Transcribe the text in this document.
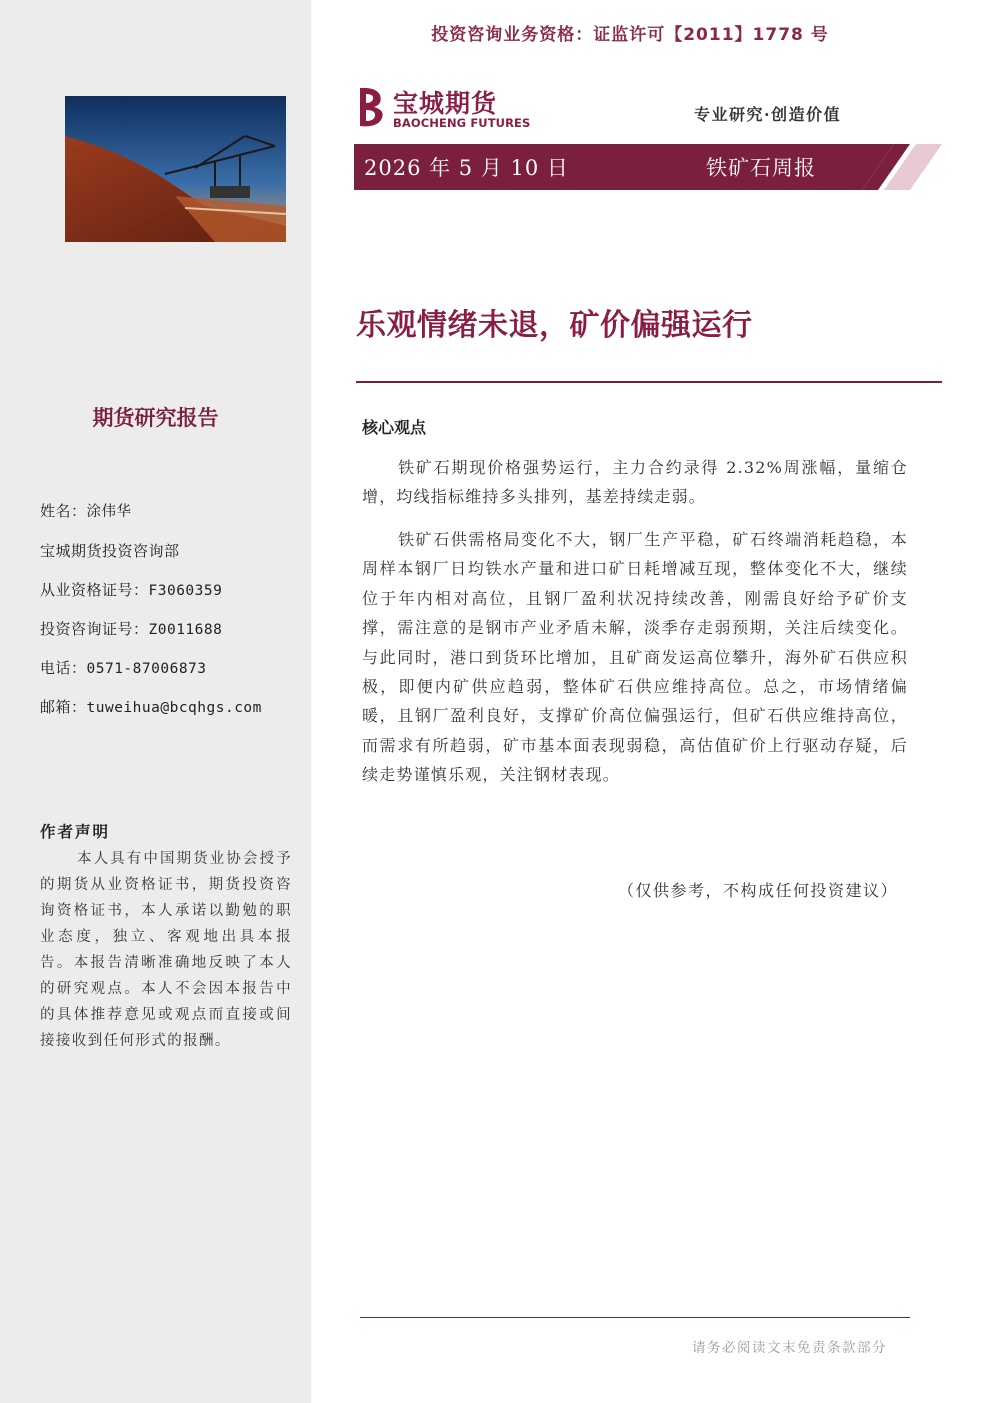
期货研究报告
姓名：涂伟华
宝城期货投资咨询部
从业资格证号：F3060359
投资咨询证号：Z0011688
电话：0571-87006873
邮箱：tuweihua@bcqhgs.com
作者声明
本人具有中国期货业协会授予的期货从业资格证书，期货投资咨询资格证书，本人承诺以勤勉的职业态度，独立、客观地出具本报告。本报告清晰准确地反映了本人的研究观点。本人不会因本报告中的具体推荐意见或观点而直接或间接接收到任何形式的报酬。
投资咨询业务资格：证监许可【2011】1778 号
宝城期货
BAOCHENG FUTURES	专业研究·创造价值
2026 年 5 月 10 日	铁矿石周报
乐观情绪未退，矿价偏强运行
核心观点
铁矿石期现价格强势运行，主力合约录得 2.32%周涨幅，量缩仓增，均线指标维持多头排列，基差持续走弱。
铁矿石供需格局变化不大，钢厂生产平稳，矿石终端消耗趋稳，本周样本钢厂日均铁水产量和进口矿日耗增减互现，整体变化不大，继续位于年内相对高位，且钢厂盈利状况持续改善，刚需良好给予矿价支撑，需注意的是钢市产业矛盾未解，淡季存走弱预期，关注后续变化。与此同时，港口到货环比增加，且矿商发运高位攀升，海外矿石供应积极，即便内矿供应趋弱，整体矿石供应维持高位。总之，市场情绪偏暖，且钢厂盈利良好，支撑矿价高位偏强运行，但矿石供应维持高位，而需求有所趋弱，矿市基本面表现弱稳，高估值矿价上行驱动存疑，后续走势谨慎乐观，关注钢材表现。
（仅供参考，不构成任何投资建议）
请务必阅读文末免责条款部分
